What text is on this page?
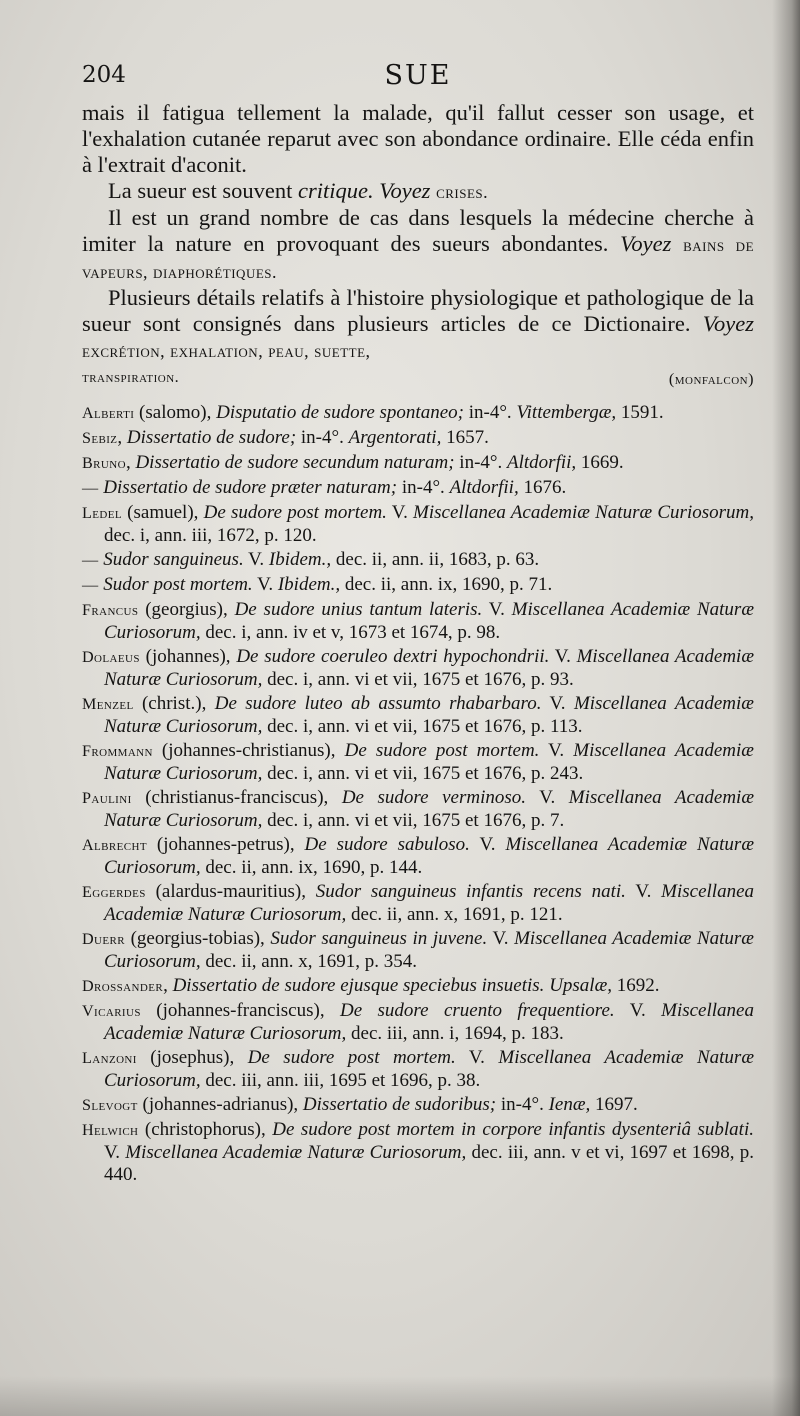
204	SUE

mais il fatigua tellement la malade, qu'il fallut cesser son usage, et l'exhalation cutanée reparut avec son abondance ordinaire. Elle céda enfin à l'extrait d'aconit.

La sueur est souvent critique. Voyez crises.

Il est un grand nombre de cas dans lesquels la médecine cherche à imiter la nature en provoquant des sueurs abondantes. Voyez bains de vapeurs, diaphorétiques.

Plusieurs détails relatifs à l'histoire physiologique et pathologique de la sueur sont consignés dans plusieurs articles de ce Dictionaire. Voyez excrétion, exhalation, peau, suette,

transpiration.	(monfalcon)

Alberti (salomo), Disputatio de sudore spontaneo; in-4°. Vittembergæ, 1591.

Sebiz, Dissertatio de sudore; in-4°. Argentorati, 1657.

Bruno, Dissertatio de sudore secundum naturam; in-4°. Altdorfii, 1669.

— Dissertatio de sudore præter naturam; in-4°. Altdorfii, 1676.

Ledel (samuel), De sudore post mortem. V. Miscellanea Academiæ Naturæ Curiosorum, dec. i, ann. iii, 1672, p. 120.

— Sudor sanguineus. V. Ibidem., dec. ii, ann. ii, 1683, p. 63.

— Sudor post mortem. V. Ibidem., dec. ii, ann. ix, 1690, p. 71.

Francus (georgius), De sudore unius tantum lateris. V. Miscellanea Academiæ Naturæ Curiosorum, dec. i, ann. iv et v, 1673 et 1674, p. 98.

Dolaeus (johannes), De sudore coeruleo dextri hypochondrii. V. Miscellanea Academiæ Naturæ Curiosorum, dec. i, ann. vi et vii, 1675 et 1676, p. 93.

Menzel (christ.), De sudore luteo ab assumto rhabarbaro. V. Miscellanea Academiæ Naturæ Curiosorum, dec. i, ann. vi et vii, 1675 et 1676, p. 113.

Frommann (johannes-christianus), De sudore post mortem. V. Miscellanea Academiæ Naturæ Curiosorum, dec. i, ann. vi et vii, 1675 et 1676, p. 243.

Paulini (christianus-franciscus), De sudore verminoso. V. Miscellanea Academiæ Naturæ Curiosorum, dec. i, ann. vi et vii, 1675 et 1676, p. 7.

Albrecht (johannes-petrus), De sudore sabuloso. V. Miscellanea Academiæ Naturæ Curiosorum, dec. ii, ann. ix, 1690, p. 144.

Eggerdes (alardus-mauritius), Sudor sanguineus infantis recens nati. V. Miscellanea Academiæ Naturæ Curiosorum, dec. ii, ann. x, 1691, p. 121.

Duerr (georgius-tobias), Sudor sanguineus in juvene. V. Miscellanea Academiæ Naturæ Curiosorum, dec. ii, ann. x, 1691, p. 354.

Drossander, Dissertatio de sudore ejusque speciebus insuetis. Upsalæ, 1692.

Vicarius (johannes-franciscus), De sudore cruento frequentiore. V. Miscellanea Academiæ Naturæ Curiosorum, dec. iii, ann. i, 1694, p. 183.

Lanzoni (josephus), De sudore post mortem. V. Miscellanea Academiæ Naturæ Curiosorum, dec. iii, ann. iii, 1695 et 1696, p. 38.

Slevogt (johannes-adrianus), Dissertatio de sudoribus; in-4°. Ienæ, 1697.

Helwich (christophorus), De sudore post mortem in corpore infantis dysenteriâ sublati. V. Miscellanea Academiæ Naturæ Curiosorum, dec. iii, ann. v et vi, 1697 et 1698, p. 440.
